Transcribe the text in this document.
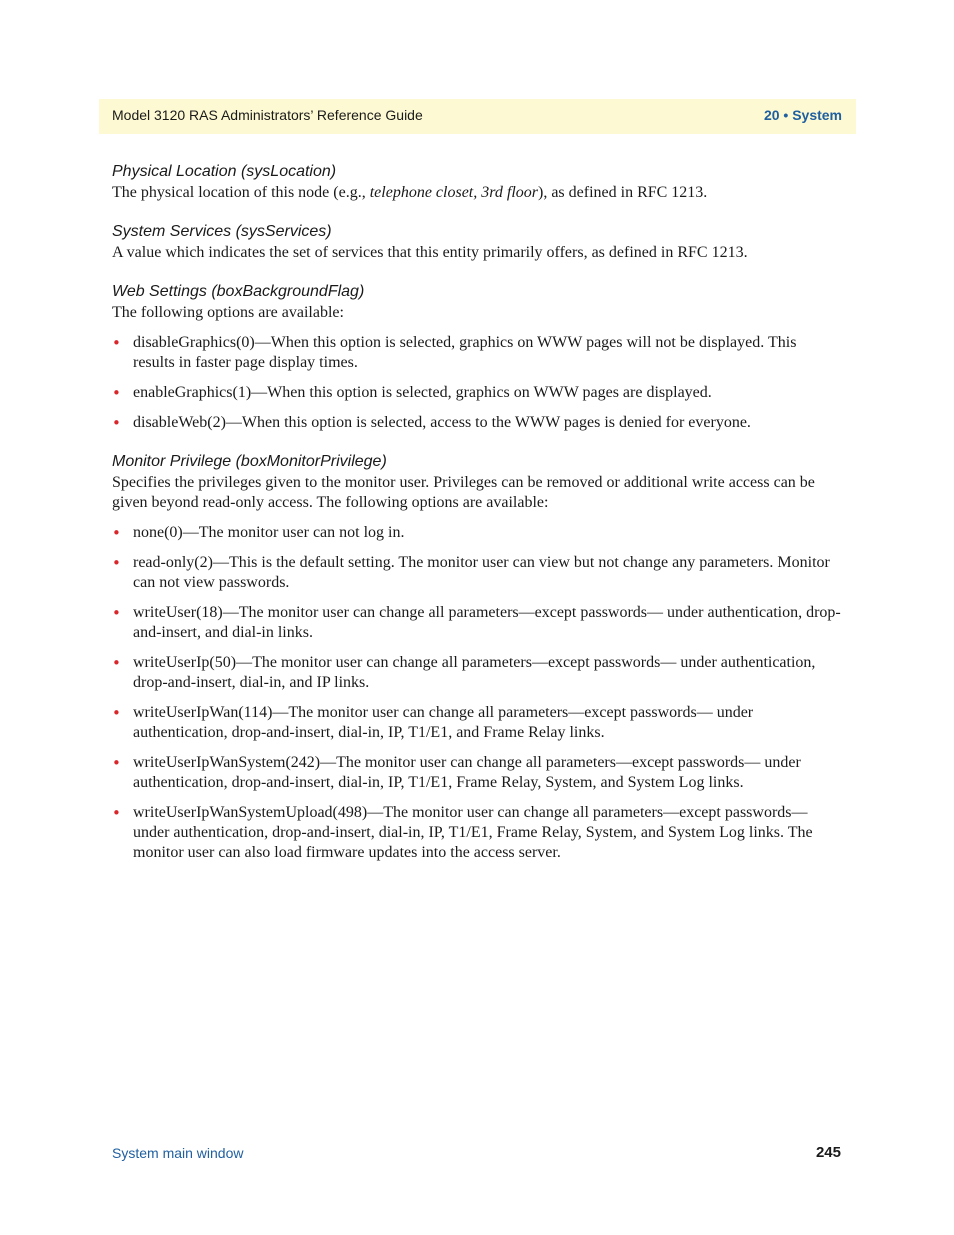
Model 3120 RAS Administrators’ Reference Guide	20 • System

Physical Location (sysLocation)

The physical location of this node (e.g., telephone closet, 3rd floor), as defined in RFC 1213.

System Services (sysServices)

A value which indicates the set of services that this entity primarily offers, as defined in RFC 1213.

Web Settings (boxBackgroundFlag)

The following options are available:

• disableGraphics(0)—When this option is selected, graphics on WWW pages will not be displayed. This results in faster page display times.
• enableGraphics(1)—When this option is selected, graphics on WWW pages are displayed.
• disableWeb(2)—When this option is selected, access to the WWW pages is denied for everyone.

Monitor Privilege (boxMonitorPrivilege)

Specifies the privileges given to the monitor user. Privileges can be removed or additional write access can be given beyond read-only access. The following options are available:

• none(0)—The monitor user can not log in.
• read-only(2)—This is the default setting. The monitor user can view but not change any parameters. Monitor can not view passwords.
• writeUser(18)—The monitor user can change all parameters—except passwords— under authentication, drop-and-insert, and dial-in links.
• writeUserIp(50)—The monitor user can change all parameters—except passwords— under authentication, drop-and-insert, dial-in, and IP links.
• writeUserIpWan(114)—The monitor user can change all parameters—except passwords— under authentication, drop-and-insert, dial-in, IP, T1/E1, and Frame Relay links.
• writeUserIpWanSystem(242)—The monitor user can change all parameters—except passwords— under authentication, drop-and-insert, dial-in, IP, T1/E1, Frame Relay, System, and System Log links.
• writeUserIpWanSystemUpload(498)—The monitor user can change all parameters—except passwords— under authentication, drop-and-insert, dial-in, IP, T1/E1, Frame Relay, System, and System Log links. The monitor user can also load firmware updates into the access server.
System main window	245
